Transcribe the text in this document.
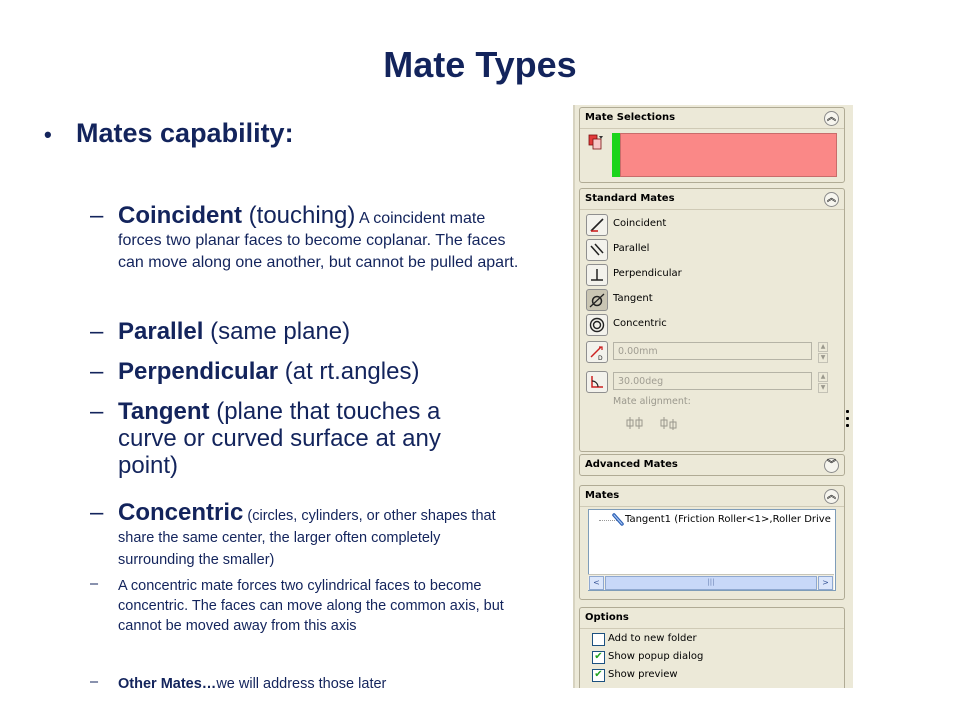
Mate Types
• Mates capability:
– Coincident (touching) A coincident mate forces two planar faces to become coplanar. The faces can move along one another, but cannot be pulled apart.
– Parallel (same plane)
– Perpendicular (at rt.angles)
– Tangent (plane that touches a curve or curved surface at any point)
– Concentric (circles, cylinders, or other shapes that share the same center, the larger often completely surrounding the smaller)
– A concentric mate forces two cylindrical faces to become concentric. The faces can move along the common axis, but cannot be moved away from this axis
– Other Mates…we will address those later
Mate Selections	︽
Standard Mates	︽
Coincident
Parallel
Perpendicular
Tangent
Concentric
D
0.00mm	▲
▼
30.00deg	▲
▼
Mate alignment:
Advanced Mates	︾
Mates	︽
Tangent1 (Friction Roller<1>,Roller Drive
<	|||	>
Options
Add to new folder
✔ Show popup dialog
✔ Show preview
